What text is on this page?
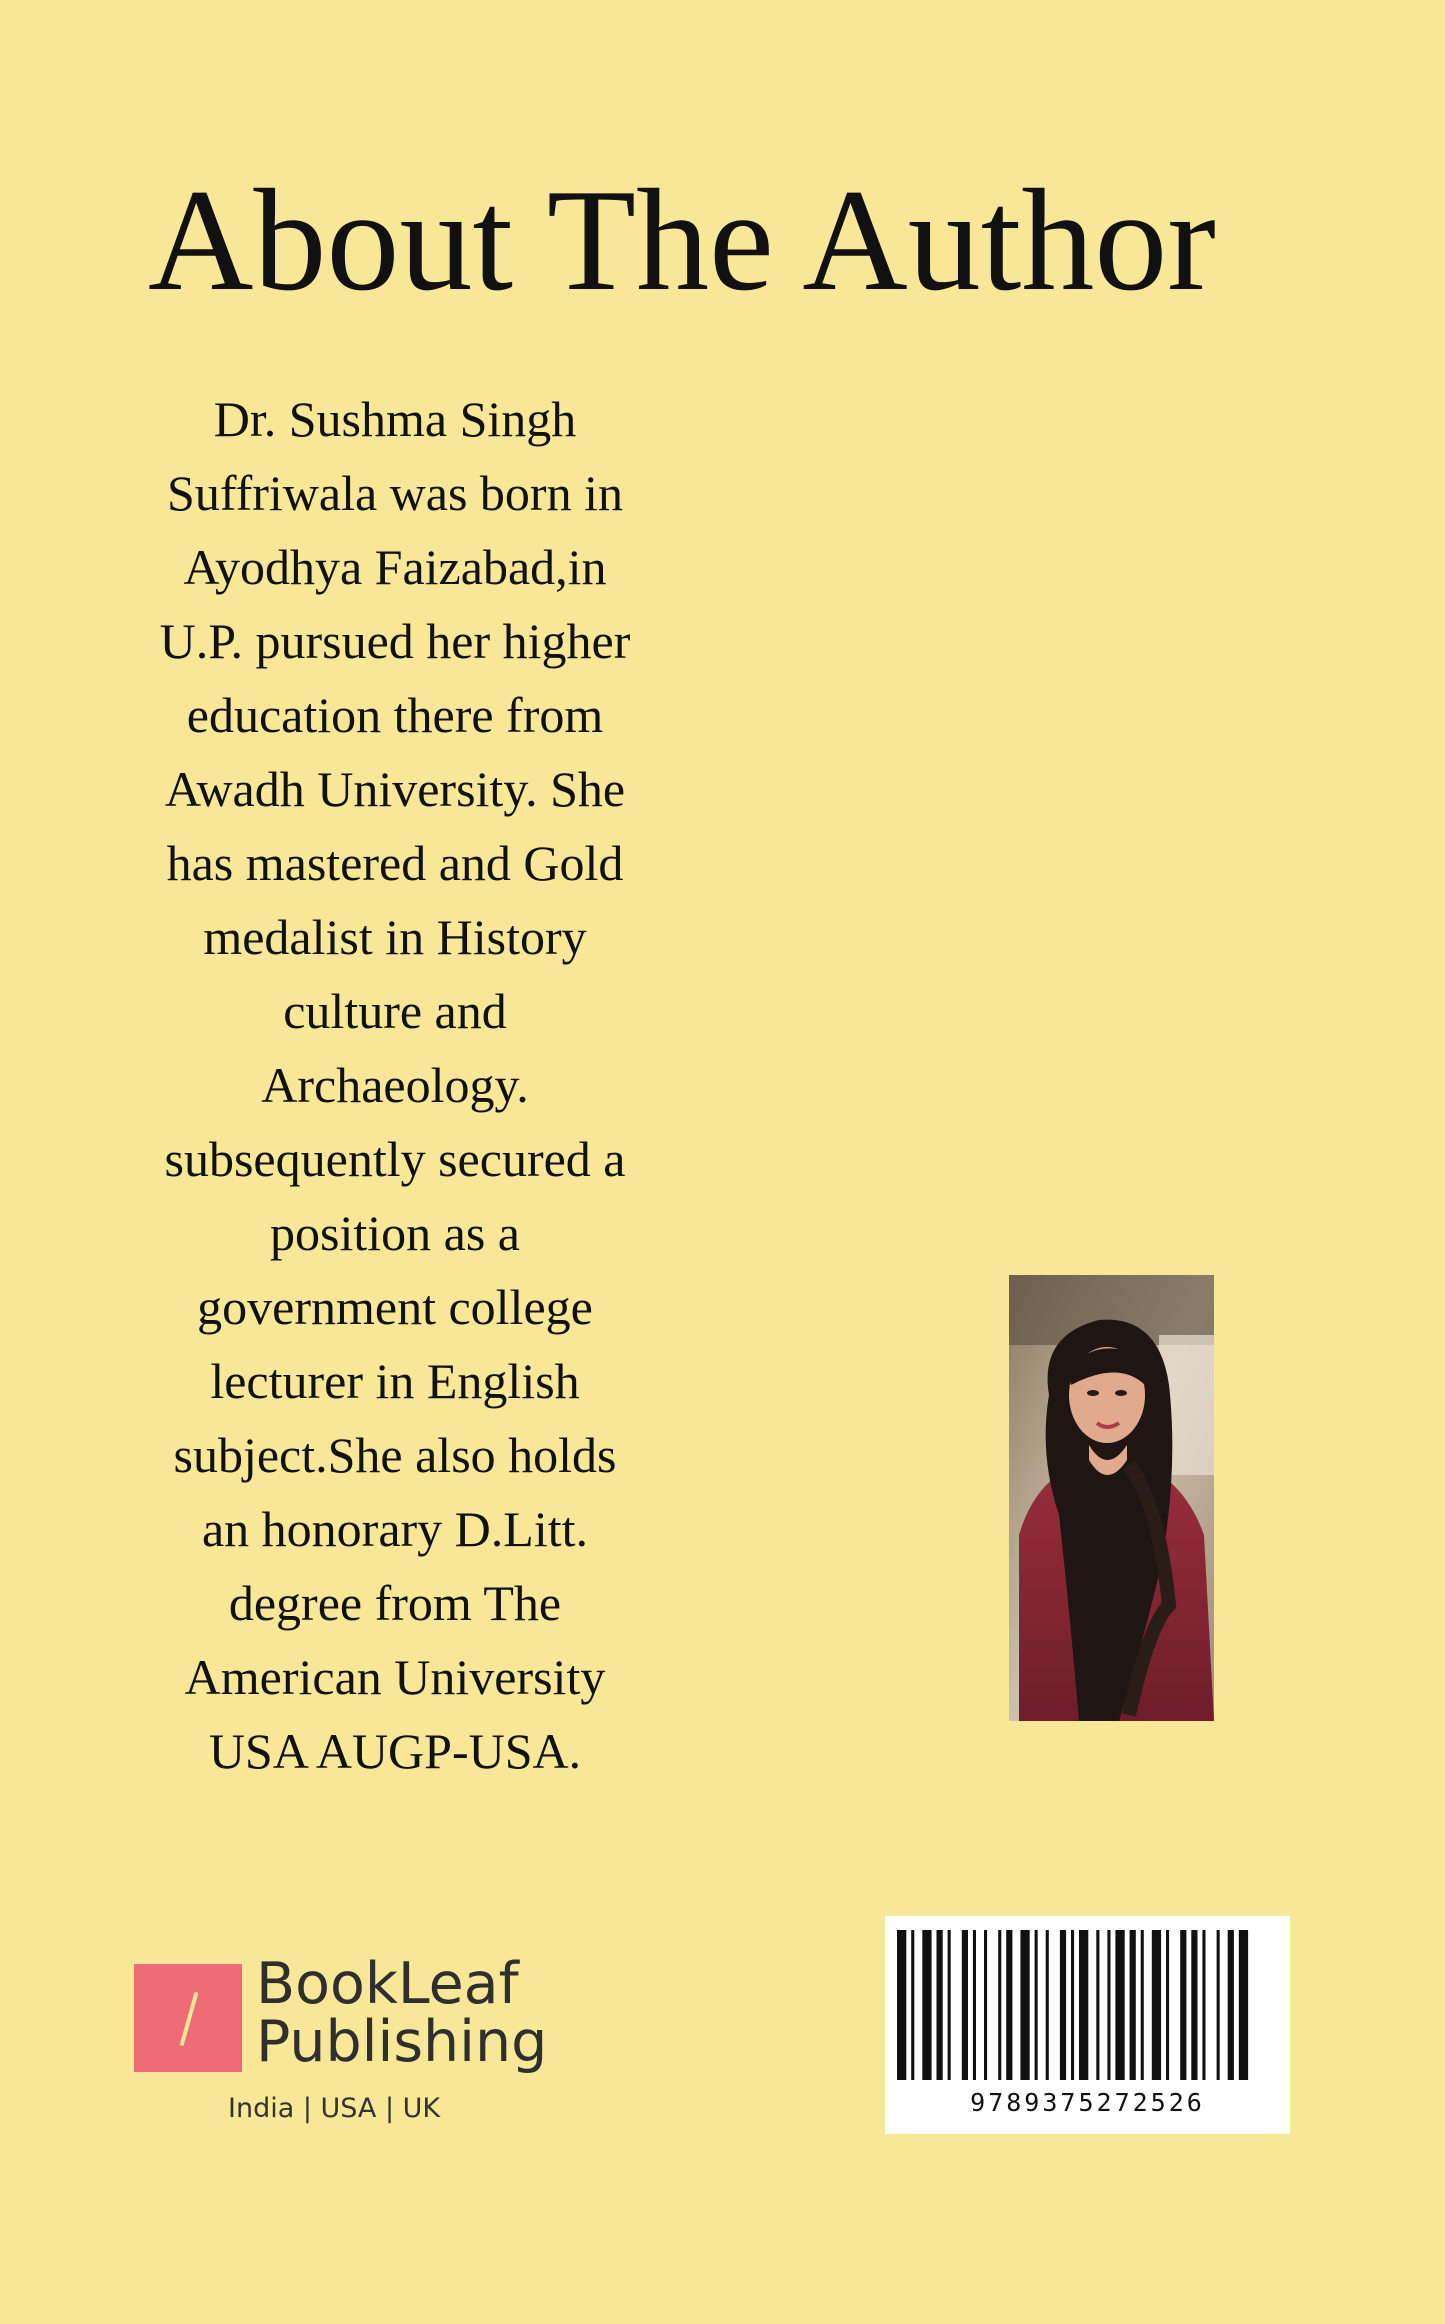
About The Author
Dr. Sushma Singh
Suffriwala was born in
Ayodhya Faizabad,in
U.P. pursued her higher
education there from
Awadh University. She
has mastered and Gold
medalist in History
culture and
Archaeology.
subsequently secured a
position as a
government college
lecturer in English
subject.She also holds
an honorary D.Litt.
degree from The
American University
USA AUGP-USA.
BookLeaf
Publishing
India | USA | UK	9789375272526
